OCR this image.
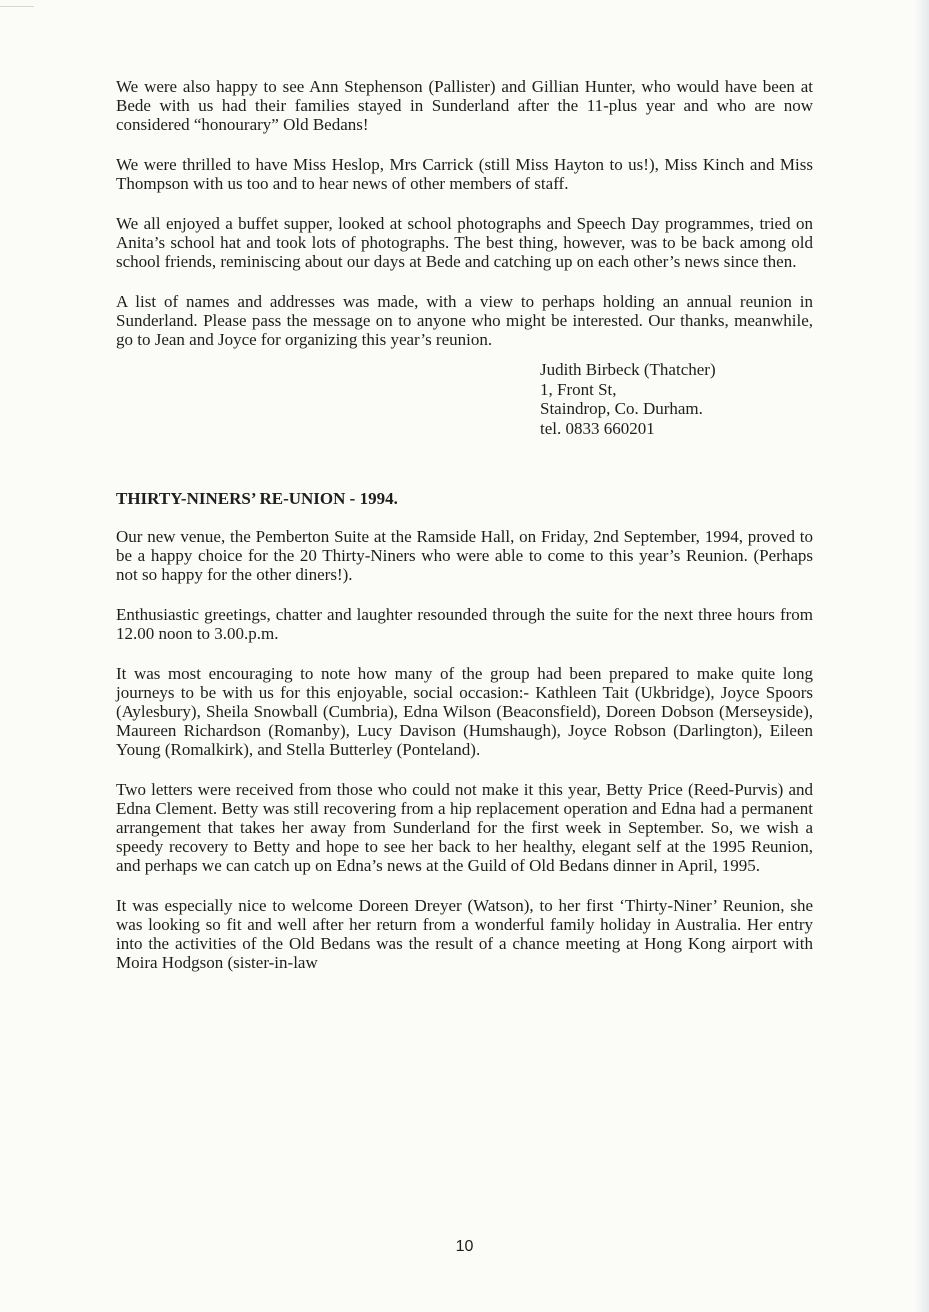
We were also happy to see Ann Stephenson (Pallister) and Gillian Hunter, who would have been at Bede with us had their families stayed in Sunderland after the 11-plus year and who are now considered “honourary” Old Bedans!

We were thrilled to have Miss Heslop, Mrs Carrick (still Miss Hayton to us!), Miss Kinch and Miss Thompson with us too and to hear news of other members of staff.

We all enjoyed a buffet supper, looked at school photographs and Speech Day programmes, tried on Anita’s school hat and took lots of photographs. The best thing, however, was to be back among old school friends, reminiscing about our days at Bede and catching up on each other’s news since then.

A list of names and addresses was made, with a view to perhaps holding an annual reunion in Sunderland. Please pass the message on to anyone who might be interested. Our thanks, meanwhile, go to Jean and Joyce for organizing this year’s reunion.

Judith Birbeck (Thatcher)
1, Front St,
Staindrop, Co. Durham.
tel. 0833 660201
THIRTY-NINERS’ RE-UNION - 1994.

Our new venue, the Pemberton Suite at the Ramside Hall, on Friday, 2nd September, 1994, proved to be a happy choice for the 20 Thirty-Niners who were able to come to this year’s Reunion. (Perhaps not so happy for the other diners!).

Enthusiastic greetings, chatter and laughter resounded through the suite for the next three hours from 12.00 noon to 3.00.p.m.

It was most encouraging to note how many of the group had been prepared to make quite long journeys to be with us for this enjoyable, social occasion:- Kathleen Tait (Ukbridge), Joyce Spoors (Aylesbury), Sheila Snowball (Cumbria), Edna Wilson (Beaconsfield), Doreen Dobson (Merseyside), Maureen Richardson (Romanby), Lucy Davison (Humshaugh), Joyce Robson (Darlington), Eileen Young (Romalkirk), and Stella Butterley (Ponteland).

Two letters were received from those who could not make it this year, Betty Price (Reed-Purvis) and Edna Clement. Betty was still recovering from a hip replacement operation and Edna had a permanent arrangement that takes her away from Sunderland for the first week in September. So, we wish a speedy recovery to Betty and hope to see her back to her healthy, elegant self at the 1995 Reunion, and perhaps we can catch up on Edna’s news at the Guild of Old Bedans dinner in April, 1995.

It was especially nice to welcome Doreen Dreyer (Watson), to her first ‘Thirty-Niner’ Reunion, she was looking so fit and well after her return from a wonderful family holiday in Australia. Her entry into the activities of the Old Bedans was the result of a chance meeting at Hong Kong airport with Moira Hodgson (sister-in-law

10
